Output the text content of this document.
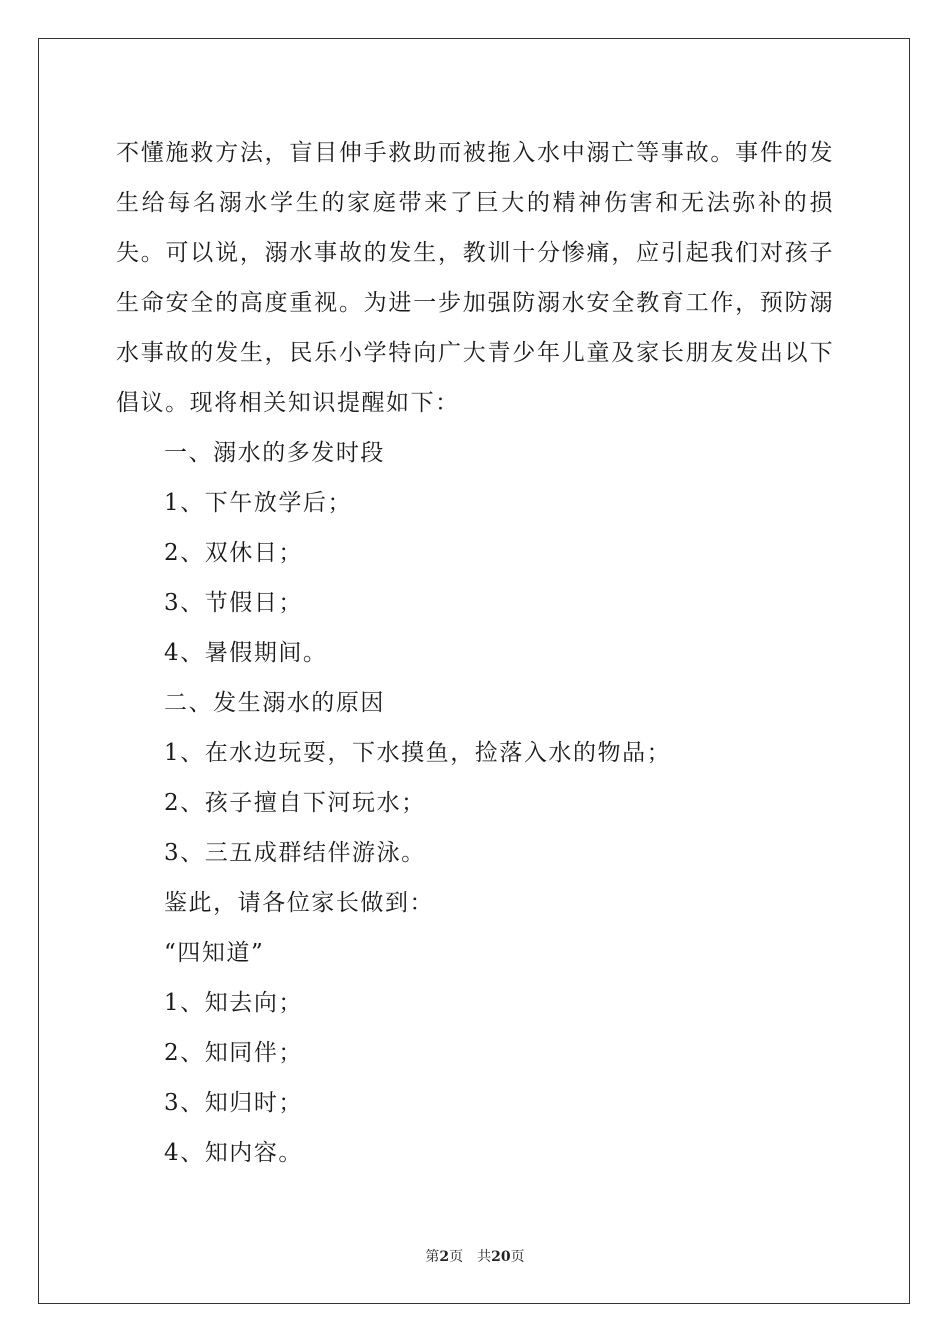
不懂施救方法，盲目伸手救助而被拖入水中溺亡等事故。事件的发生给每名溺水学生的家庭带来了巨大的精神伤害和无法弥补的损失。可以说，溺水事故的发生，教训十分惨痛，应引起我们对孩子生命安全的高度重视。为进一步加强防溺水安全教育工作，预防溺水事故的发生，民乐小学特向广大青少年儿童及家长朋友发出以下倡议。现将相关知识提醒如下：

一、溺水的多发时段

1、下午放学后；

2、双休日；

3、节假日；

4、暑假期间。

二、发生溺水的原因

1、在水边玩耍，下水摸鱼，捡落入水的物品；

2、孩子擅自下河玩水；

3、三五成群结伴游泳。

鉴此，请各位家长做到：

“四知道”

1、知去向；

2、知同伴；

3、知归时；

4、知内容。

第2页 共20页
